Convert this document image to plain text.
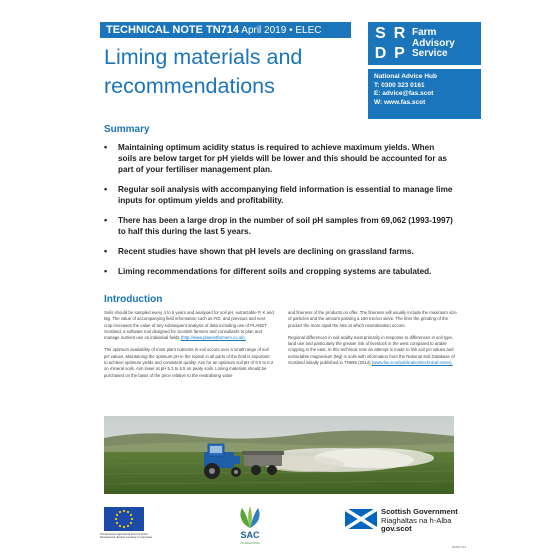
TECHNICAL NOTE TN714 April 2019 • ELEC
Liming materials and recommendations
S R
D P
Farm
Advisory
Service
National Advice Hub
T: 0300 323 0161
E: advice@fas.scot
W: www.fas.scot
Summary
• Maintaining optimum acidity status is required to achieve maximum yields. When soils are below target for pH yields will be lower and this should be accounted for as part of your fertiliser management plan.
• Regular soil analysis with accompanying field information is essential to manage lime inputs for optimum yields and profitability.
• There has been a large drop in the number of soil pH samples from 69,062 (1993-1997) to half this during the last 5 years.
• Recent studies have shown that pH levels are declining on grassland farms.
• Liming recommendations for different soils and cropping systems are tabulated.
Introduction

Soils should be sampled every 4 to 5 years and analysed for soil pH, extractable P, K and Mg. The value of accompanying field information such as FID, and previous and next crop increases the value of any subsequent analysis of data including use of PLANET Scotland, a software tool designed for Scottish farmers and consultants to plan and manage nutrient use on individual fields (http://www.planet4farmers.co.uk).

The optimum availability of most plant nutrients in soil occurs over a small range of soil pH values. Maintaining the optimum pH in the topsoil in all parts of the field is important to achieve optimum yields and consistent quality. Aim for an optimum soil pH of 6.0 to 6.2 on mineral soils. Aim lower at pH 5.3 to 5.5 on peaty soils. Liming materials should be purchased on the basis of the price relative to the neutralising value

and fineness of the products on offer. The fineness will usually include the maximum size of particles and the amount passing a 150 micron sieve. The finer the grinding of the product the more rapid the rate at which neutralisation occurs.

Regional differences in soil acidity exist primarily in response to differences in soil type, land use and particularly the greater risk of livestock in the west compared to arable cropping in the east. In this technical note an attempt is made to link soil pH values and extractable magnesium (Mg) in soils with information from the National Soil Database of Scotland initially published in TN656 (2014) (www.fas.scot/publication/technical-notes).

The European Agricultural Fund for Rural Development: Europe investing in rural areas	SAC
CONSULTING
Scottish Government
Riaghaltas na h-Alba
gov.scot
FAS/tn714
